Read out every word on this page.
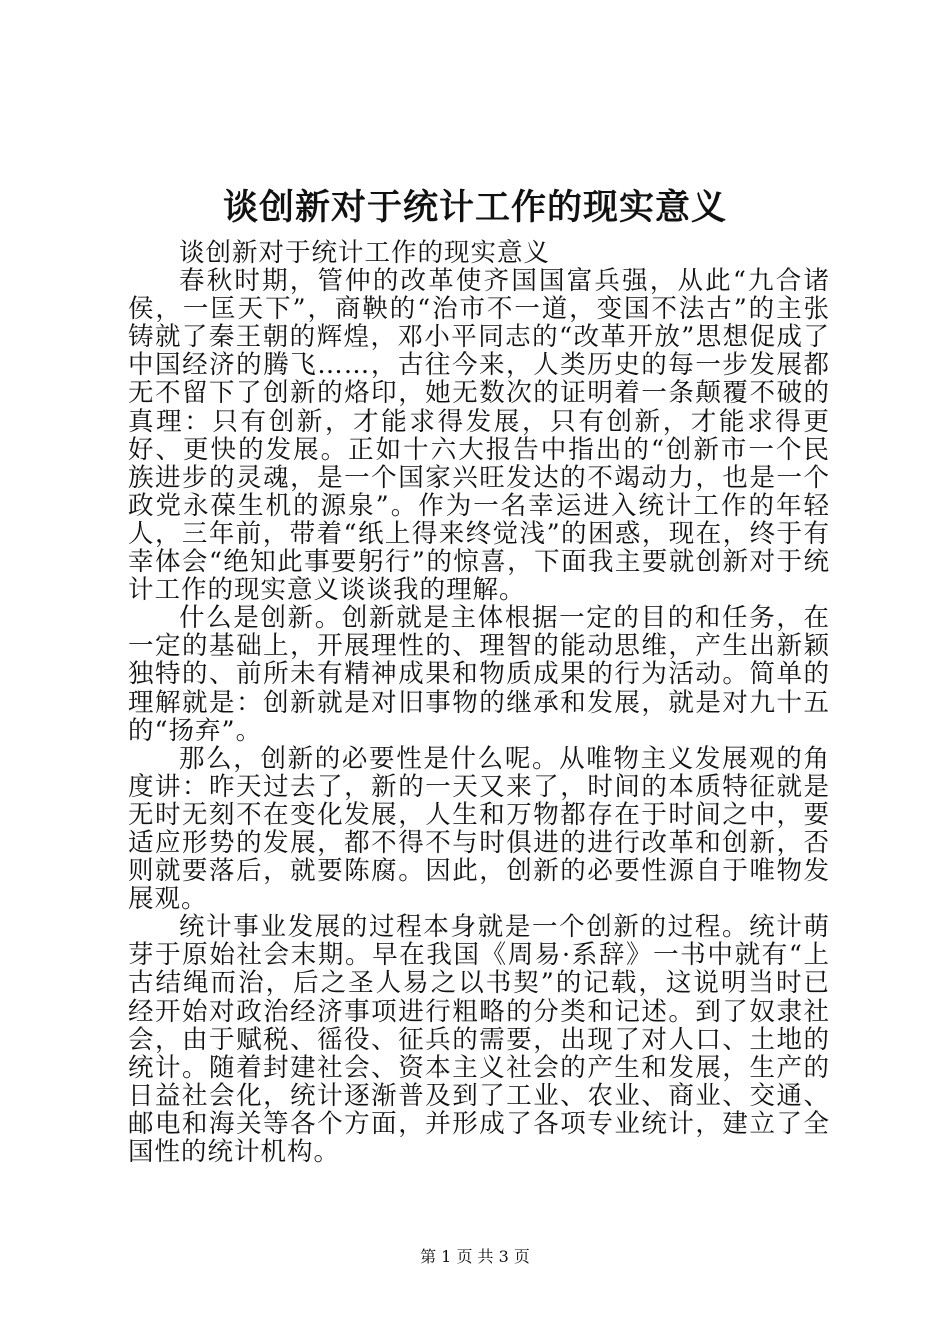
谈创新对于统计工作的现实意义

谈创新对于统计工作的现实意义

春秋时期，管仲的改革使齐国国富兵强，从此“九合诸侯，一匡天下”，商鞅的“治市不一道，变国不法古”的主张铸就了秦王朝的辉煌，邓小平同志的“改革开放”思想促成了中国经济的腾飞……，古往今来，人类历史的每一步发展都无不留下了创新的烙印，她无数次的证明着一条颠覆不破的真理：只有创新，才能求得发展，只有创新，才能求得更好、更快的发展。正如十六大报告中指出的“创新市一个民族进步的灵魂，是一个国家兴旺发达的不竭动力，也是一个政党永葆生机的源泉”。作为一名幸运进入统计工作的年轻人，三年前，带着“纸上得来终觉浅”的困惑，现在，终于有幸体会“绝知此事要躬行”的惊喜，下面我主要就创新对于统计工作的现实意义谈谈我的理解。

什么是创新。创新就是主体根据一定的目的和任务，在一定的基础上，开展理性的、理智的能动思维，产生出新颖独特的、前所未有精神成果和物质成果的行为活动。简单的理解就是：创新就是对旧事物的继承和发展，就是对九十五的“扬弃”。

那么，创新的必要性是什么呢。从唯物主义发展观的角度讲：昨天过去了，新的一天又来了，时间的本质特征就是无时无刻不在变化发展，人生和万物都存在于时间之中，要适应形势的发展，都不得不与时俱进的进行改革和创新，否则就要落后，就要陈腐。因此，创新的必要性源自于唯物发展观。

统计事业发展的过程本身就是一个创新的过程。统计萌芽于原始社会末期。早在我国《周易·系辞》一书中就有“上古结绳而治，后之圣人易之以书契”的记载，这说明当时已经开始对政治经济事项进行粗略的分类和记述。到了奴隶社会，由于赋税、徭役、征兵的需要，出现了对人口、土地的统计。随着封建社会、资本主义社会的产生和发展，生产的日益社会化，统计逐渐普及到了工业、农业、商业、交通、邮电和海关等各个方面，并形成了各项专业统计，建立了全国性的统计机构。

第 1 页 共 3 页
